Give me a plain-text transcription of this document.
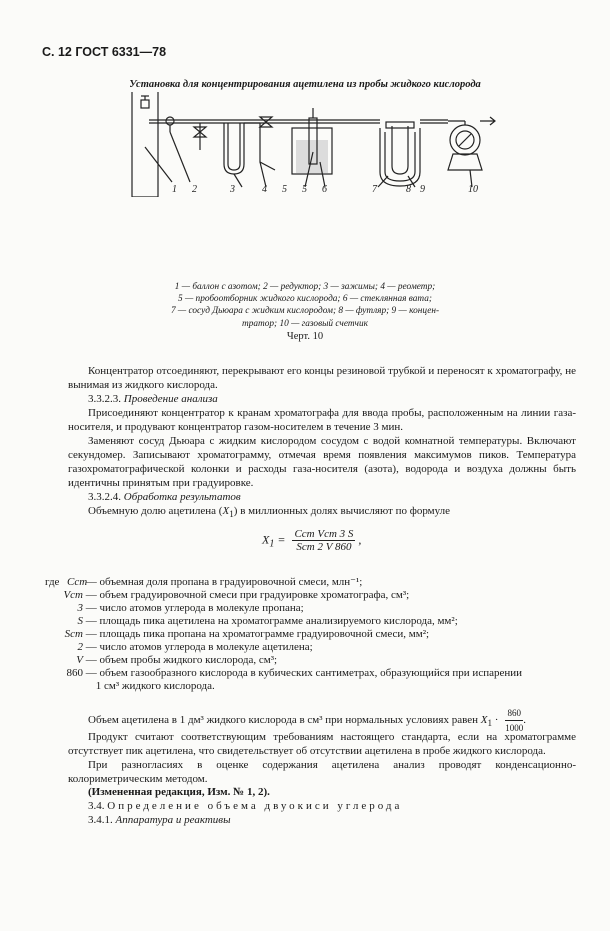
С. 12 ГОСТ 6331—78
Установка для концентрирования ацетилена из пробы жидкого кислорода
1 2	3	4 5 5 6	7	8 9	10
1 — баллон с азотом; 2 — редуктор; 3 — зажимы; 4 — реометр;
5 — пробоотборник жидкого кислорода; 6 — стеклянная вата;
7 — сосуд Дьюара с жидким кислородом; 8 — футляр; 9 — концен-
тратор; 10 — газовый счетчик
Черт. 10
Концентратор отсоединяют, перекрывают его концы резиновой трубкой и переносят к хроматографу, не вынимая из жидкого кислорода.
3.3.2.3. Проведение анализа
Присоединяют концентратор к кранам хроматографа для ввода пробы, расположенным на линии газа-носителя, и продувают концентратор газом-носителем в течение 3 мин.
Заменяют сосуд Дьюара с жидким кислородом сосудом с водой комнатной температуры. Включают секундомер. Записывают хроматограмму, отмечая время появления максимумов пиков. Температура газохроматографической колонки и расходы газа-носителя (азота), водорода и воздуха должны быть идентичны принятым при градуировке.
3.3.2.4. Обработка результатов
Объемную долю ацетилена $(X_1)$ в миллионных долях вычисляют по формуле
$X_1 = \frac{\text{Cст Vст 3 S}}{\text{Sст 2 V 860}}$ ,
где Cст — объемная доля пропана в градуировочной смеси, млн⁻¹;
Vст — объем градуировочной смеси при градуировке хроматографа, см³;
3 — число атомов углерода в молекуле пропана;
S — площадь пика ацетилена на хроматограмме анализируемого кислорода, мм²;
Sст — площадь пика пропана на хроматограмме градуировочной смеси, мм²;
2 — число атомов углерода в молекуле ацетилена;
V — объем пробы жидкого кислорода, см³;
860 — объем газообразного кислорода в кубических сантиметрах, образующийся при испарении
1 см³ жидкого кислорода.
Объем ацетилена в 1 дм³ жидкого кислорода в см³ при нормальных условиях равен $X_1 \cdot \frac{860}{1000}$ .
Продукт считают соответствующим требованиям настоящего стандарта, если на хроматограмме отсутствует пик ацетилена, что свидетельствует об отсутствии ацетилена в пробе жидкого кислорода.
При разногласиях в оценке содержания ацетилена анализ проводят конденсационно-колориметрическим методом.
(Измененная редакция, Изм. № 1, 2).
3.4. Определение объема двуокиси углерода
3.4.1. Аппаратура и реактивы
